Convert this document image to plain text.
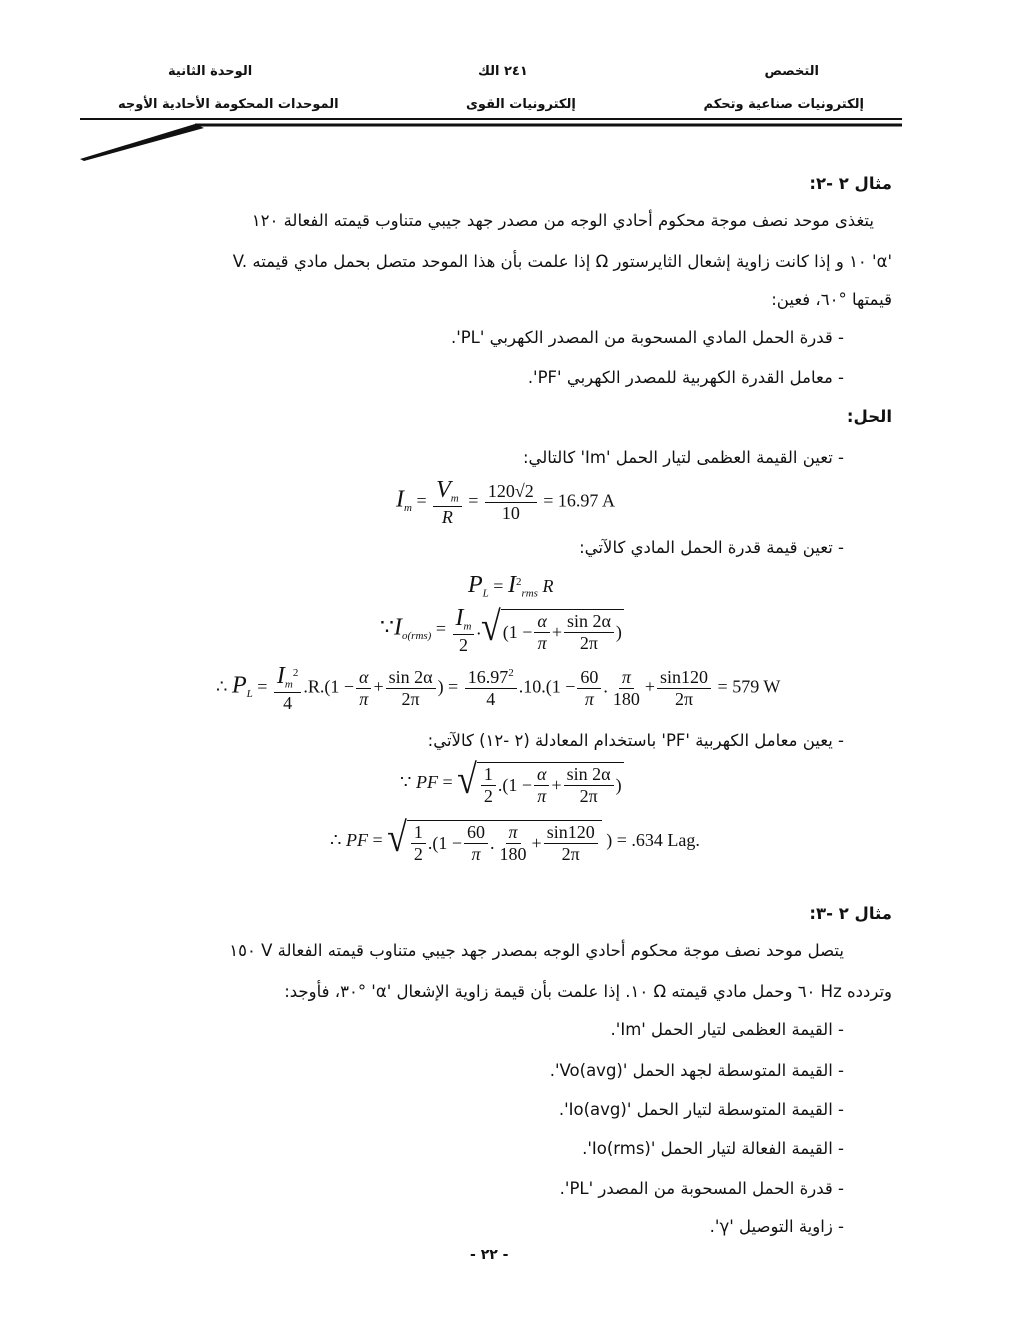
التخصص
إلكترونيات صناعية وتحكم
٢٤١ الك
إلكترونيات القوى
الوحدة الثانية
الموحدات المحكومة الأحادية الأوجه
مثال ٢ -٢:
يتغذى موحد نصف موجة محكوم أحادي الوجه من مصدر جهد جيبي متناوب قيمته الفعالة ١٢٠
V. إذا علمت بأن هذا الموحد متصل بحمل مادي قيمته Ω ١٠ و إذا كانت زاوية إشعال الثايرستور 'α'
قيمتها °٦٠، فعين:
- قدرة الحمل المادي المسحوبة من المصدر الكهربي 'PL'.
- معامل القدرة الكهربية للمصدر الكهربي 'PF'.
الحل:
- تعين القيمة العظمى لتيار الحمل 'Im' كالتالي:
$I_m = \frac{V_m}{R} = \frac{120√2}{10} = 16.97$ A
- تعين قيمة قدرة الحمل المادي كالآتي:
$P_L = I^2_{rms}$ R
$\because I_{o(rms)} = \frac{I_m}{2}$ . √ ($1 - \frac{\alpha}{\pi} + \frac{\sin 2\alpha}{2\pi}$ )
∴ $P_L = \frac{I_m^2}{4} .R.(1 - \frac{\alpha}{\pi} + \frac{\sin 2\alpha}{2\pi}$ ) = $\frac{16.97^2}{4} .10.(1 - \frac{60}{\pi}$ . $\frac{\pi}{180} + \frac{\sin 120}{2\pi} = 579$ W
- يعين معامل الكهربية 'PF' باستخدام المعادلة (٢ -١٢) كالآتي:
∵ PF = √ $\frac{1}{2} .(1 - \frac{\alpha}{\pi} + \frac{\sin 2\alpha}{2\pi}$ )
∴ PF = √ $\frac{1}{2} .(1 - \frac{60}{\pi}$ . $\frac{\pi}{180} + \frac{\sin 120}{2\pi}$ ) = .634 Lag.
مثال ٢ -٣:
يتصل موحد نصف موجة محكوم أحادي الوجه بمصدر جهد جيبي متناوب قيمته الفعالة V ١٥٠
وتردده Hz ٦٠ وحمل مادي قيمته Ω ١٠. إذا علمت بأن قيمة زاوية الإشعال 'α' °٣٠، فأوجد:
- القيمة العظمى لتيار الحمل 'Im'.
- القيمة المتوسطة لجهد الحمل 'Vo(avg)'.
- القيمة المتوسطة لتيار الحمل 'Io(avg)'.
- القيمة الفعالة لتيار الحمل 'Io(rms)'.
- قدرة الحمل المسحوبة من المصدر 'PL'.
- زاوية التوصيل 'γ'.
- ٢٢ -
